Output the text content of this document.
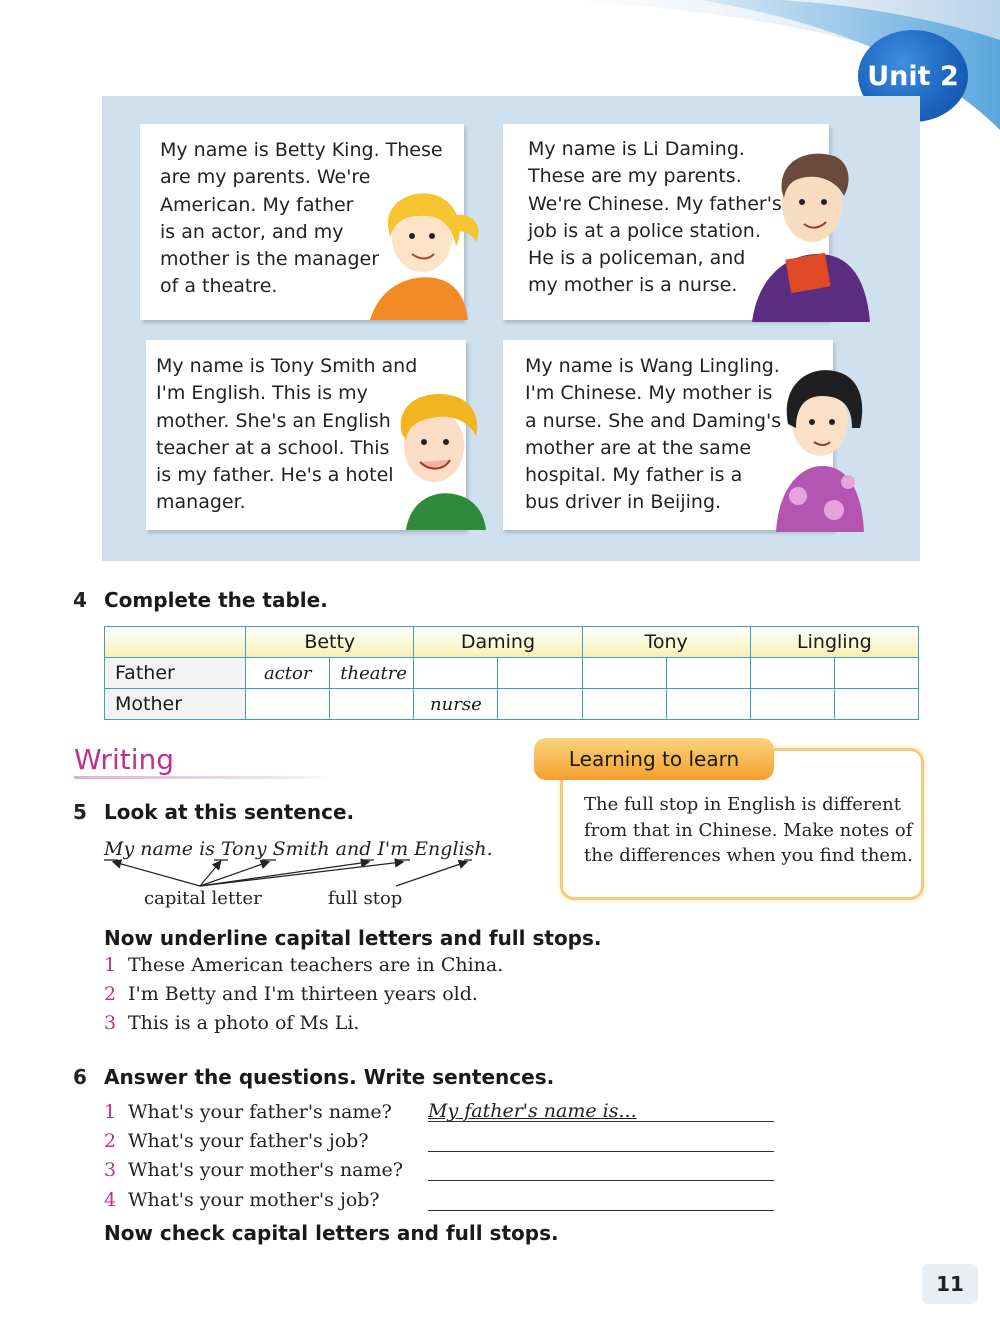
Unit 2
My name is Betty King. These
are my parents. We're
American. My father
is an actor, and my
mother is the manager
of a theatre.
My name is Li Daming.
These are my parents.
We're Chinese. My father's
job is at a police station.
He is a policeman, and
my mother is a nurse.
My name is Tony Smith and
I'm English. This is my
mother. She's an English
teacher at a school. This
is my father. He's a hotel
manager.
My name is Wang Lingling.
I'm Chinese. My mother is
a nurse. She and Daming's
mother are at the same
hospital. My father is a
bus driver in Beijing.
4 Complete the table.
	Betty		Daming		Tony		Lingling	
Father	actor	theatre						
Mother			nurse					
Writing	Learning to learn
The full stop in English is different
from that in Chinese. Make notes of
the differences when you find them.
5 Look at this sentence.
My name is Tony Smith and I'm English.
capital letter	full stop
Now underline capital letters and full stops.
1 These American teachers are in China.
2 I'm Betty and I'm thirteen years old.
3 This is a photo of Ms Li.
6 Answer the questions. Write sentences.
1 What's your father's name?
2 What's your father's job?
3 What's your mother's name?
4 What's your mother's job?
My father's name is...
Now check capital letters and full stops.
11
